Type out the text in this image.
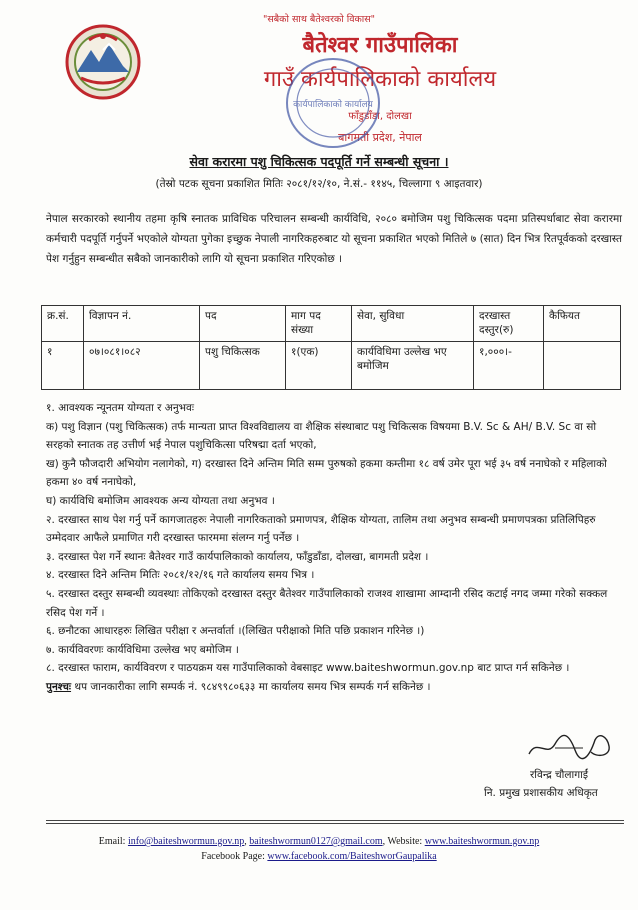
"सबैको साथ बैतेश्वरको विकास"
बैतेश्वर गाउँपालिका
गाउँ कार्यपालिकाको कार्यालय
फाँडुडाँडा, दोलखा
बागमती प्रदेश, नेपाल
कार्यपालिकाको कार्यालय
सेवा करारमा पशु चिकित्सक पदपूर्ति गर्ने सम्बन्धी सूचना ।
(तेस्रो पटक सूचना प्रकाशित मितिः २०८१/१२/१०, ने.सं.- ११४५, चिल्लागा ९ आइतवार)
नेपाल सरकारको स्थानीय तहमा कृषि स्नातक प्राविधिक परिचालन सम्बन्धी कार्यविधि, २०८० बमोजिम पशु चिकित्सक पदमा प्रतिस्पर्धाबाट सेवा करारमा कर्मचारी पदपूर्ति गर्नुपर्ने भएकोले योग्यता पुगेका इच्छुक नेपाली नागरिकहरुबाट यो सूचना प्रकाशित भएको मितिले ७ (सात) दिन भित्र रितपूर्वकको दरखास्त पेश गर्नुहुन सम्बन्धीत सबैको जानकारीको लागि यो सूचना प्रकाशित गरिएकोछ ।
क्र.सं.	विज्ञापन नं.	पद	माग पद संख्या	सेवा, सुविधा	दरखास्त दस्तुर(रु)	कैफियत
१	०७।०८१।०८२	पशु चिकित्सक	१(एक)	कार्यविधिमा उल्लेख भए बमोजिम	१,०००।-	

१. आवश्यक न्यूनतम योग्यता र अनुभवः

क) पशु विज्ञान (पशु चिकित्सक) तर्फ मान्यता प्राप्त विश्वविद्यालय वा शैक्षिक संस्थाबाट पशु चिकित्सक विषयमा B.V. Sc & AH/ B.V. Sc वा सो सरहको स्नातक तह उत्तीर्ण भई नेपाल पशुचिकित्सा परिषद्मा दर्ता भएको,

ख) कुनै फौजदारी अभियोग नलागेको, ग) दरखास्त दिने अन्तिम मिति सम्म पुरुषको हकमा कम्तीमा १८ वर्ष उमेर पूरा भई ३५ वर्ष ननाघेको र महिलाको हकमा ४० वर्ष ननाघेको,

घ) कार्यविधि बमोजिम आवश्यक अन्य योग्यता तथा अनुभव ।

२. दरखास्त साथ पेश गर्नु पर्ने कागजातहरुः नेपाली नागरिकताको प्रमाणपत्र, शैक्षिक योग्यता, तालिम तथा अनुभव सम्बन्धी प्रमाणपत्रका प्रतिलिपिहरु उम्मेदवार आफैले प्रमाणित गरी दरखास्त फारममा संलग्न गर्नु पर्नेछ ।

३. दरखास्त पेश गर्ने स्थानः बैतेश्वर गाउँ कार्यपालिकाको कार्यालय, फाँडुडाँडा, दोलखा, बागमती प्रदेश ।

४. दरखास्त दिने अन्तिम मितिः २०८१/१२/१६ गते कार्यालय समय भित्र ।

५. दरखास्त दस्तुर सम्बन्धी व्यवस्थाः तोकिएको दरखास्त दस्तुर बैतेश्वर गाउँपालिकाको राजश्व शाखामा आम्दानी रसिद कटाई नगद जम्मा गरेको सक्कल रसिद पेश गर्ने ।

६. छनौटका आधारहरुः लिखित परीक्षा र अन्तर्वार्ता ।(लिखित परीक्षाको मिति पछि प्रकाशन गरिनेछ ।)

७. कार्यविवरणः कार्यविधिमा उल्लेख भए बमोजिम ।

८. दरखास्त फाराम, कार्यविवरण र पाठयक्रम यस गाउँपालिकाको वेबसाइट www.baiteshwormun.gov.np बाट प्राप्त गर्न सकिनेछ ।

पुनश्चः थप जानकारीका लागि सम्पर्क नं. ९८४९९८०६३३ मा कार्यालय समय भित्र सम्पर्क गर्न सकिनेछ ।

रविन्द्र चौलागाईं
नि. प्रमुख प्रशासकीय अधिकृत
Email: info@baiteshwormun.gov.np, baiteshwormun0127@gmail.com, Website: www.baiteshwormun.gov.np
Facebook Page: www.facebook.com/BaiteshworGaupalika
